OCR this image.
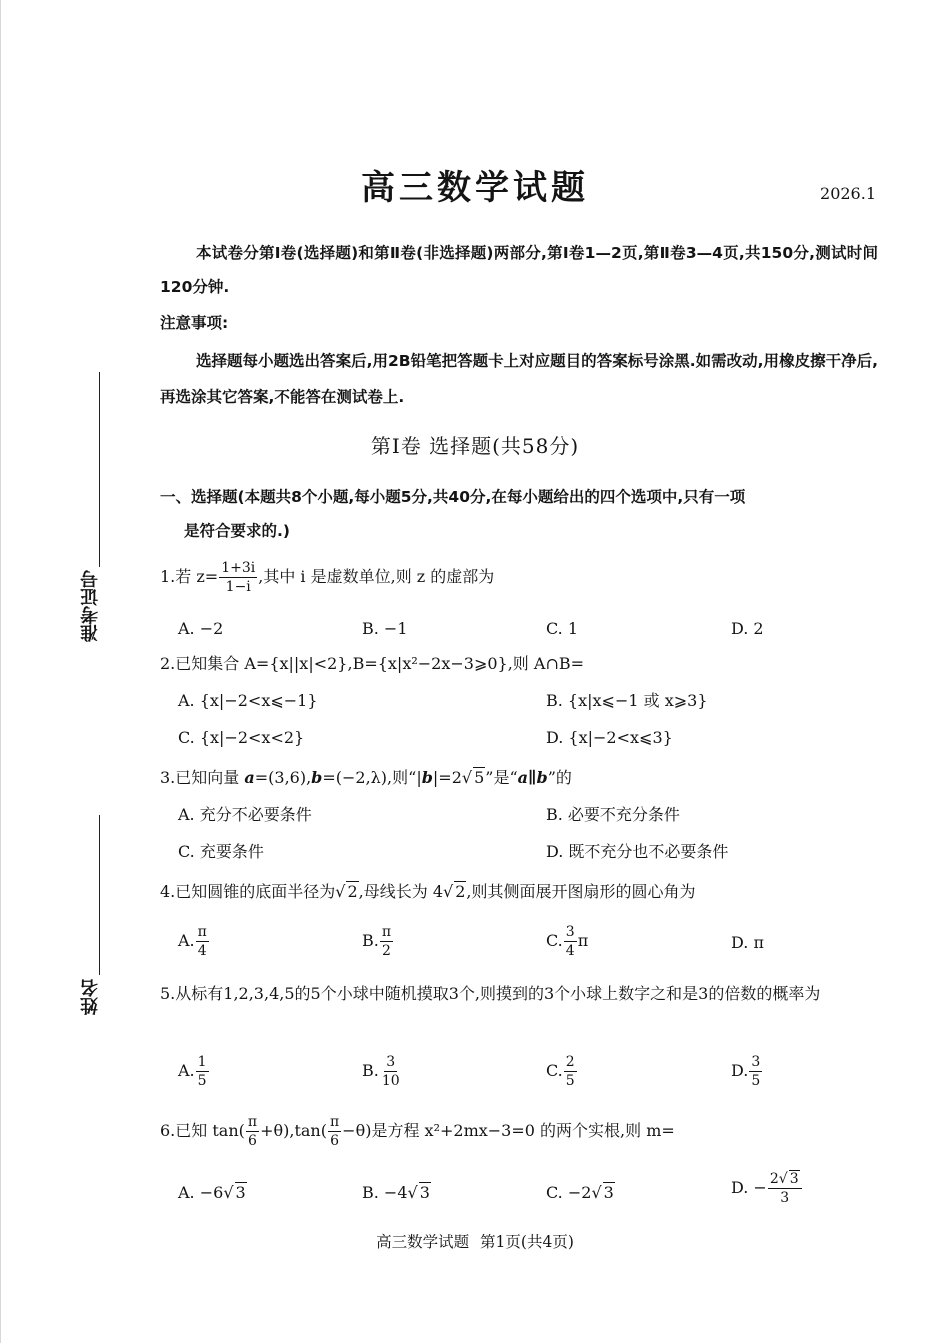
准考证号
姓名
高三数学试题	2026.1
本试卷分第Ⅰ卷(选择题)和第Ⅱ卷(非选择题)两部分,第Ⅰ卷1—2页,第Ⅱ卷3—4页,共150分,测试时间120分钟.
注意事项:
选择题每小题选出答案后,用2B铅笔把答题卡上对应题目的答案标号涂黑.如需改动,用橡皮擦干净后,再选涂其它答案,不能答在测试卷上.
第Ⅰ卷 选择题(共58分)
一、选择题(本题共8个小题,每小题5分,共40分,在每小题给出的四个选项中,只有一项
是符合要求的.)
1.若 $z= \frac{1+3i}{1-i}$ ,其中 i 是虚数单位,则 z 的虚部为
A. −2	B. −1	C. 1	D. 2
2.已知集合 A={x||x|<2},B={x|x²−2x−3⩾0},则 A∩B=
A. {x|−2<x⩽−1}	B. {x|x⩽−1 或 x⩾3}
C. {x|−2<x<2}	D. {x|−2<x⩽3}
3.已知向量 a=(3,6),b=(−2,λ),则“|b|=2√ 5”是“a∥b”的
A. 充分不必要条件	B. 必要不充分条件
C. 充要条件	D. 既不充分也不必要条件
4.已知圆锥的底面半径为√ 2,母线长为 4√ 2,则其侧面展开图扇形的圆心角为
A. $\frac{\pi}{4}$	B. $\frac{\pi}{2}$	C. $\frac{3}{4}$ π	D. π
5.从标有1,2,3,4,5的5个小球中随机摸取3个,则摸到的3个小球上数字之和是3的倍数的概率为
A. $\frac{1}{5}$	B. $\frac{3}{10}$	C. $\frac{2}{5}$	D. $\frac{3}{5}$
6.已知 $\tan( \frac{\pi}{6} +\theta),\tan( \frac{\pi}{6} -\theta)$是方程 x²+2mx−3=0 的两个实根,则 m=
A. −6√ 3	B. −4√ 3	C. −2√ 3	D. − $\frac{2√ 3}{3}$
高三数学试题 第1页(共4页)
